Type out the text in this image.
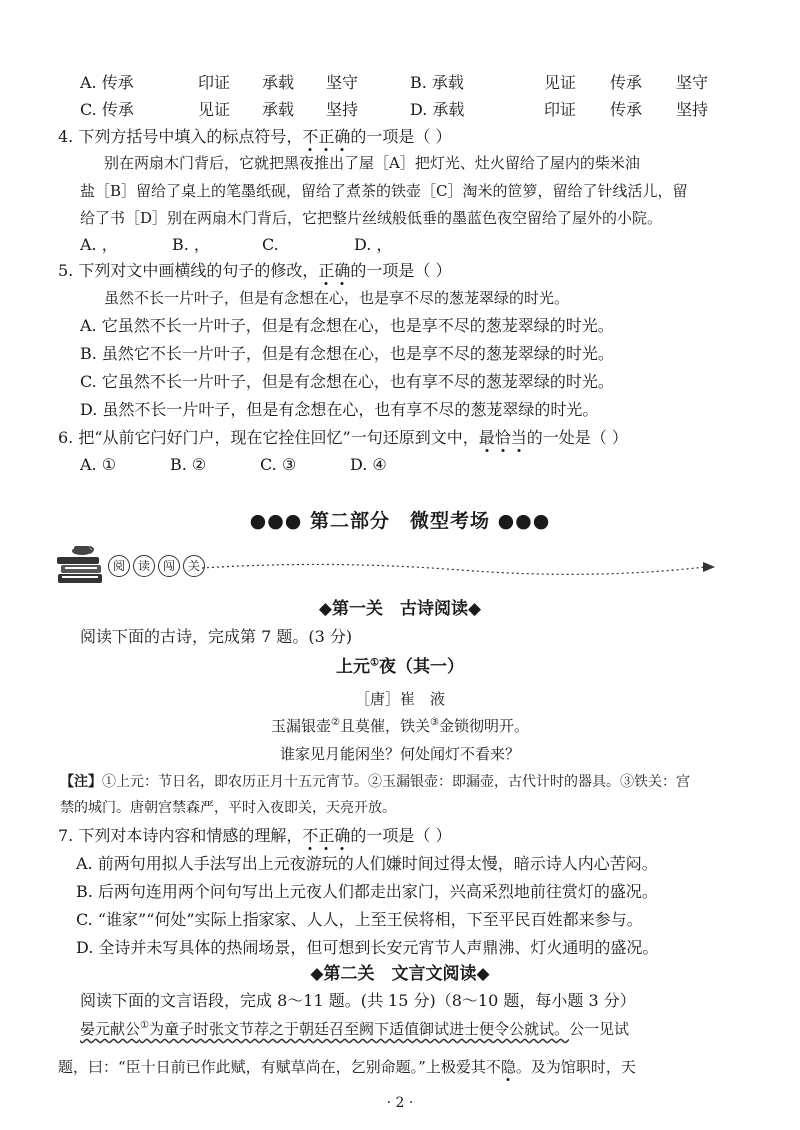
A. 传承	印证 承载 坚守	B. 承载	见证 传承 坚守
C. 传承	见证 承载 坚持	D. 承载	印证 传承 坚持
4. 下列方括号中填入的标点符号，不正确的一项是（ ）
别在两扇木门背后，它就把黑夜推出了屋［A］把灯光、灶火留给了屋内的柴米油
盐［B］留给了桌上的笔墨纸砚，留给了煮茶的铁壶［C］淘米的笸箩，留给了针线活儿，留
给了书［D］别在两扇木门背后，它把整片丝绒般低垂的墨蓝色夜空留给了屋外的小院。
A. ，	B. ，	C.	D. ，
5. 下列对文中画横线的句子的修改，正确的一项是（ ）
虽然不长一片叶子，但是有念想在心，也是享不尽的葱茏翠绿的时光。
A. 它虽然不长一片叶子，但是有念想在心，也是享不尽的葱茏翠绿的时光。
B. 虽然它不长一片叶子，但是有念想在心，也是享不尽的葱茏翠绿的时光。
C. 它虽然不长一片叶子，但是有念想在心，也有享不尽的葱茏翠绿的时光。
D. 虽然不长一片叶子，但是有念想在心，也有享不尽的葱茏翠绿的时光。
6. 把“从前它闩好门户，现在它拴住回忆”一句还原到文中，最恰当的一处是（ ）
A. ①	B. ②	C. ③	D. ④
●●● 第二部分　微型考场 ●●●
阅	读	闯	关
◆第一关　古诗阅读◆
阅读下面的古诗，完成第 7 题。(3 分)
上元①夜（其一）
［唐］崔　液
玉漏银壶②且莫催，铁关③金锁彻明开。
谁家见月能闲坐？何处闻灯不看来？
【注】①上元：节日名，即农历正月十五元宵节。②玉漏银壶：即漏壶，古代计时的器具。③铁关：宫
禁的城门。唐朝宫禁森严，平时入夜即关，天亮开放。
7. 下列对本诗内容和情感的理解，不正确的一项是（ ）
A. 前两句用拟人手法写出上元夜游玩的人们嫌时间过得太慢，暗示诗人内心苦闷。
B. 后两句连用两个问句写出上元夜人们都走出家门，兴高采烈地前往赏灯的盛况。
C. “谁家”“何处”实际上指家家、人人，上至王侯将相，下至平民百姓都来参与。
D. 全诗并未写具体的热闹场景，但可想到长安元宵节人声鼎沸、灯火通明的盛况。
◆第二关　文言文阅读◆
阅读下面的文言语段，完成 8～11 题。(共 15 分)（8～10 题，每小题 3 分）
晏元献公①为童子时张文节荐之于朝廷召至阙下适值御试进士便令公就试。公一见试
题，曰：“臣十日前已作此赋，有赋草尚在，乞别命题。”上极爱其不隐。及为馆职时，天
· 2 ·
